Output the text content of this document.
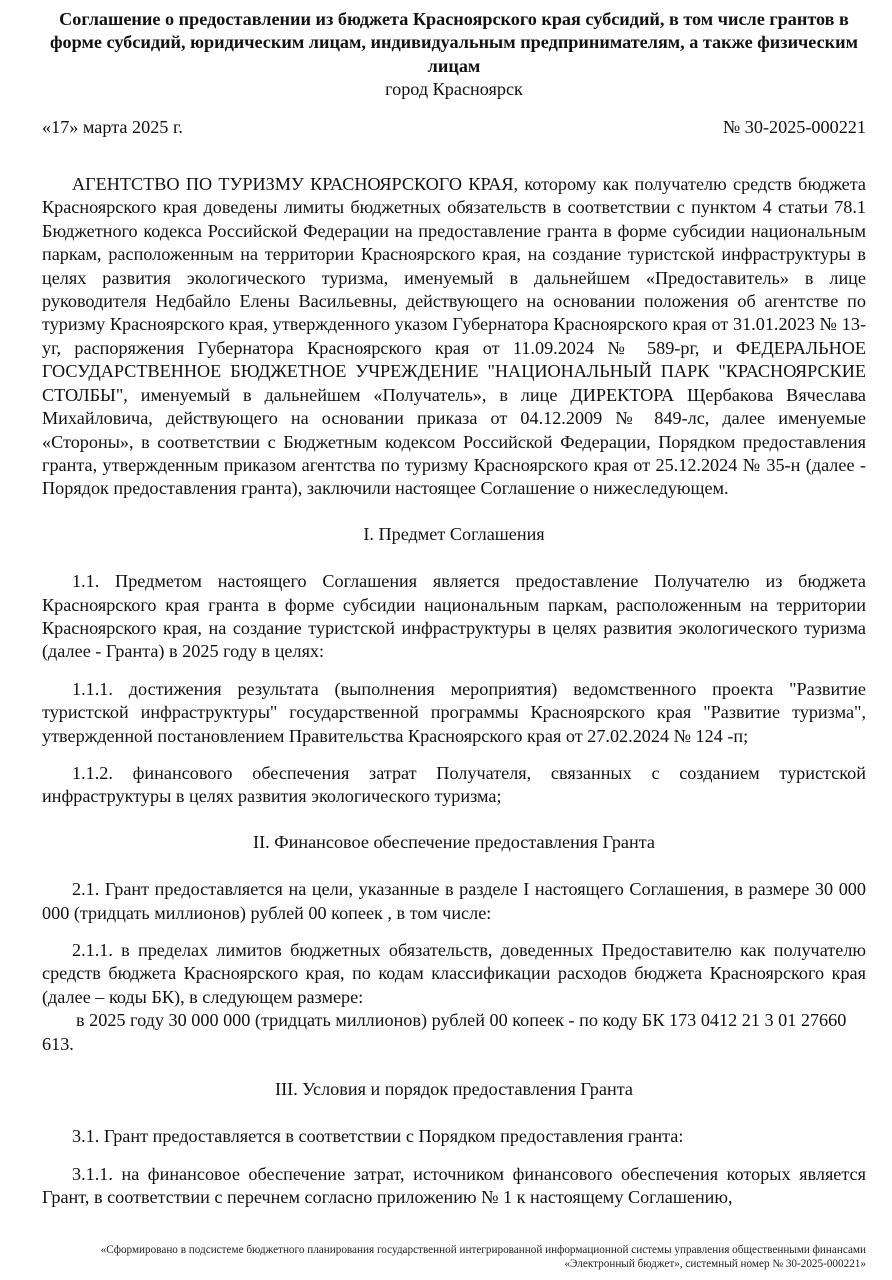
Соглашение о предоставлении из бюджета Красноярского края субсидий, в том числе грантов в форме субсидий, юридическим лицам, индивидуальным предпринимателям, а также физическим лицам

город Красноярск

«17» марта 2025 г.	№ 30-2025-000221

АГЕНТСТВО ПО ТУРИЗМУ КРАСНОЯРСКОГО КРАЯ, которому как получателю средств бюджета Красноярского края доведены лимиты бюджетных обязательств в соответствии с пунктом 4 статьи 78.1 Бюджетного кодекса Российской Федерации на предоставление гранта в форме субсидии национальным паркам, расположенным на территории Красноярского края, на создание туристской инфраструктуры в целях развития экологического туризма, именуемый в дальнейшем «Предоставитель» в лице руководителя Недбайло Елены Васильевны, действующего на основании положения об агентстве по туризму Красноярского края, утвержденного указом Губернатора Красноярского края от 31.01.2023 № 13-уг, распоряжения Губернатора Красноярского края от 11.09.2024 № 589-рг, и ФЕДЕРАЛЬНОЕ ГОСУДАРСТВЕННОЕ БЮДЖЕТНОЕ УЧРЕЖДЕНИЕ "НАЦИОНАЛЬНЫЙ ПАРК "КРАСНОЯРСКИЕ СТОЛБЫ", именуемый в дальнейшем «Получатель», в лице ДИРЕКТОРА Щербакова Вячеслава Михайловича, действующего на основании приказа от 04.12.2009 № 849-лс, далее именуемые «Стороны», в соответствии с Бюджетным кодексом Российской Федерации, Порядком предоставления гранта, утвержденным приказом агентства по туризму Красноярского края от 25.12.2024 № 35-н (далее - Порядок предоставления гранта), заключили настоящее Соглашение о нижеследующем.

I. Предмет Соглашения

1.1. Предметом настоящего Соглашения является предоставление Получателю из бюджета Красноярского края гранта в форме субсидии национальным паркам, расположенным на территории Красноярского края, на создание туристской инфраструктуры в целях развития экологического туризма (далее - Гранта) в 2025 году в целях:

1.1.1. достижения результата (выполнения мероприятия) ведомственного проекта "Развитие туристской инфраструктуры" государственной программы Красноярского края "Развитие туризма", утвержденной постановлением Правительства Красноярского края от 27.02.2024 № 124 -п;

1.1.2. финансового обеспечения затрат Получателя, связанных с созданием туристской инфраструктуры в целях развития экологического туризма;

II. Финансовое обеспечение предоставления Гранта

2.1. Грант предоставляется на цели, указанные в разделе I настоящего Соглашения, в размере 30 000 000 (тридцать миллионов) рублей 00 копеек , в том числе:

2.1.1. в пределах лимитов бюджетных обязательств, доведенных Предоставителю как получателю средств бюджета Красноярского края, по кодам классификации расходов бюджета Красноярского края (далее – коды БК), в следующем размере:

в 2025 году 30 000 000 (тридцать миллионов) рублей 00 копеек - по коду БК 173 0412 21 3 01 27660 613.

III. Условия и порядок предоставления Гранта

3.1. Грант предоставляется в соответствии с Порядком предоставления гранта:

3.1.1. на финансовое обеспечение затрат, источником финансового обеспечения которых является Грант, в соответствии с перечнем согласно приложению № 1 к настоящему Соглашению,

«Сформировано в подсистеме бюджетного планирования государственной интегрированной информационной системы управления общественными финансами
«Электронный бюджет», системный номер № 30-2025-000221»
